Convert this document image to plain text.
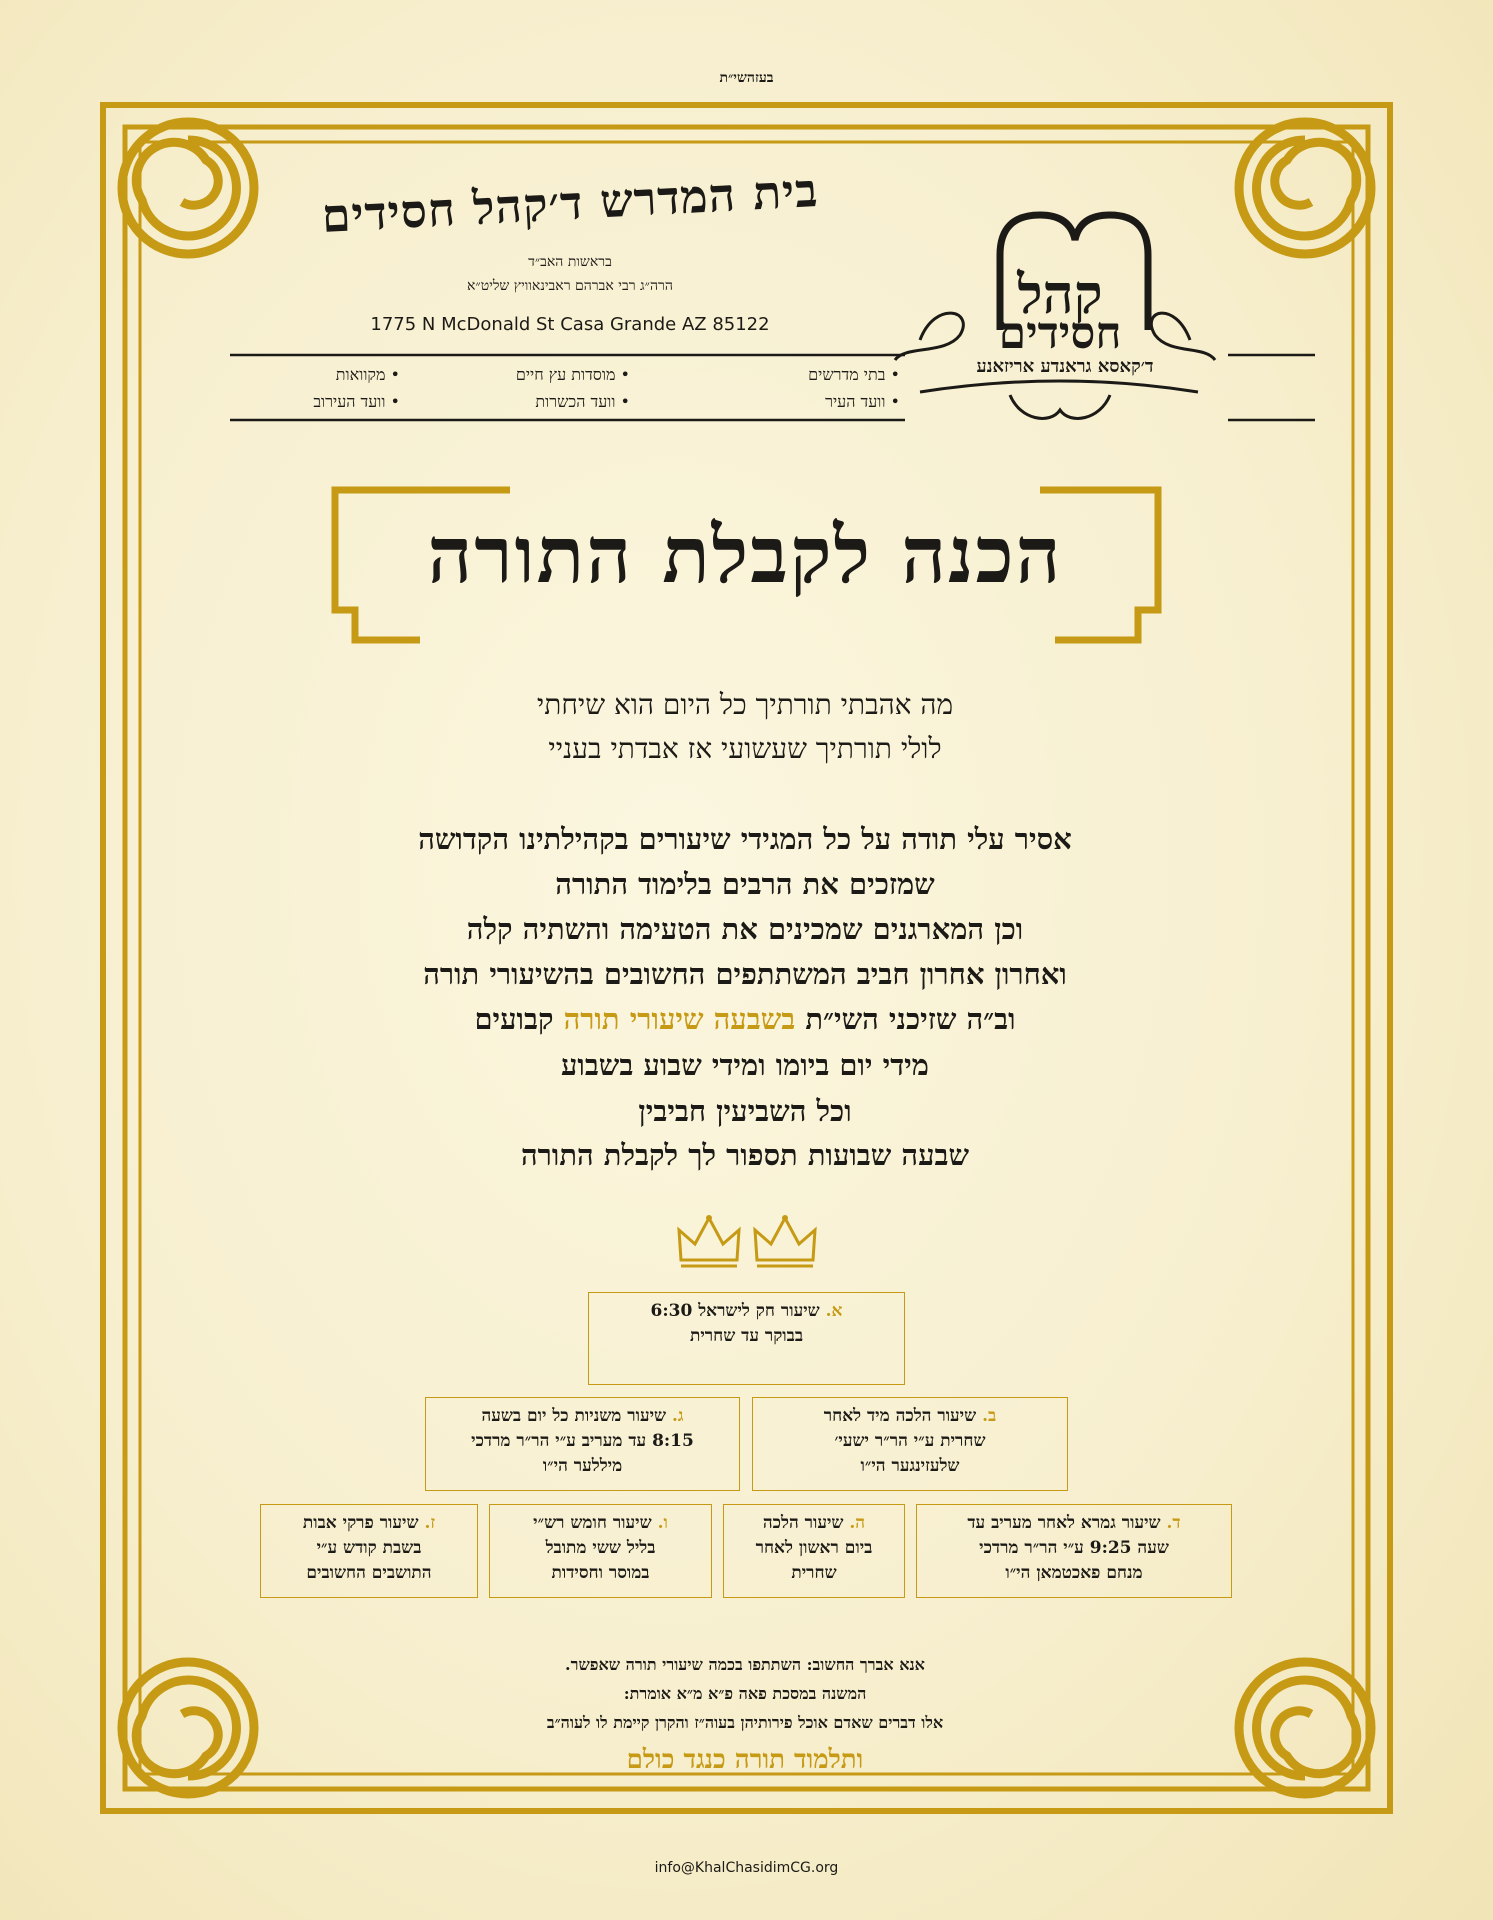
בעזהשי״ת
בית המדרש ד׳קהל חסידים
בראשות האב״ד
הרה״ג רבי אברהם ראבינאוויץ שליט״א
1775 N McDonald St Casa Grande AZ 85122
• בתי מדרשים
• מוסדות עץ חיים
• מקוואות
• וועד העיר
• וועד הכשרות
• וועד העירוב
קהל
חסידים
ד׳קאסא גראנדע אריזאנע
הכנה לקבלת התורה
מה אהבתי תורתיך כל היום הוא שיחתי
לולי תורתיך שעשועי אז אבדתי בעניי
אסיר עלי תודה על כל המגידי שיעורים בקהילתינו הקדושה
שמזכים את הרבים בלימוד התורה
וכן המארגנים שמכינים את הטעימה והשתיה קלה
ואחרון אחרון חביב המשתתפים החשובים בהשיעורי תורה
וב״ה שזיכני השי״ת בשבעה שיעורי תורה קבועים
מידי יום ביומו ומידי שבוע בשבוע
וכל השביעין חביבין
שבעה שבועות תספור לך לקבלת התורה
א. שיעור חק לישראל 6:30
בבוקר עד שחרית
ב. שיעור הלכה מיד לאחר
שחרית ע״י הר״ר ישעי׳
שלעזינגער הי״ו
ג. שיעור משניות כל יום בשעה
8:15 עד מעריב ע״י הר״ר מרדכי
מיללער הי״ו
ד. שיעור גמרא לאחר מעריב עד
שעה 9:25 ע״י הר״ר מרדכי
מנחם פאכטמאן הי״ו
ה. שיעור הלכה
ביום ראשון לאחר
שחרית
ו. שיעור חומש רש״י
בליל ששי מתובל
במוסר וחסידות
ז. שיעור פרקי אבות
בשבת קודש ע״י
התושבים החשובים
אנא אברך החשוב: השתתפו בכמה שיעורי תורה שאפשר.
המשנה במסכת פאה פ״א מ״א אומרת:
אלו דברים שאדם אוכל פירותיהן בעוה״ז והקרן קיימת לו לעוה״ב
ותלמוד תורה כנגד כולם
info@KhalChasidimCG.org
